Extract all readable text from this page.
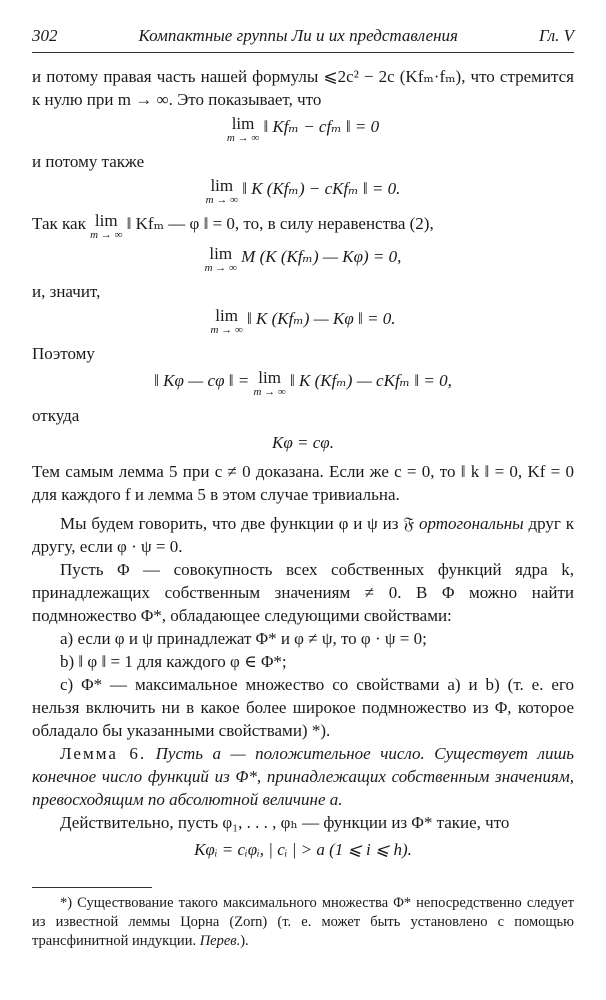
302	Компактные группы Ли и их представления	Гл. V

и потому правая часть нашей формулы ⩽2c² − 2c (Kfₘ·fₘ), что стремится к нулю при m → ∞. Это показывает, что

lim
m → ∞
‖ Kfₘ − cfₘ ‖ = 0

и потому также

lim
m → ∞
‖ K (Kfₘ) − cKfₘ ‖ = 0.

Так как lim
m → ∞
‖ Kfₘ — φ ‖ = 0, то, в силу неравенства (2),

lim
m → ∞
M (K (Kfₘ) — Kφ) = 0,

и, значит,

lim
m → ∞
‖ K (Kfₘ) — Kφ ‖ = 0.

Поэтому

‖ Kφ — cφ ‖ = lim
m → ∞
‖ K (Kfₘ) — cKfₘ ‖ = 0,

откуда

Kφ = cφ.

Тем самым лемма 5 при c ≠ 0 доказана. Если же c = 0, то ‖ k ‖ = 0, Kf = 0 для каждого f и лемма 5 в этом случае тривиальна.

Мы будем говорить, что две функции φ и ψ из 𝔉 ортогональны друг к другу, если φ · ψ = 0.

Пусть Φ — совокупность всех собственных функций ядра k, принадлежащих собственным значениям ≠ 0. В Φ можно найти подмножество Φ*, обладающее следующими свойствами:

a) если φ и ψ принадлежат Φ* и φ ≠ ψ, то φ · ψ = 0;

b) ‖ φ ‖ = 1 для каждого φ ∈ Φ*;

c) Φ* — максимальное множество со свойствами a) и b) (т. е. его нельзя включить ни в какое более широкое подмножество из Φ, которое обладало бы указанными свойствами) *).

Лемма 6. Пусть a — положительное число. Существует лишь конечное число функций из Φ*, принадлежащих собственным значениям, превосходящим по абсолютной величине a.

Действительно, пусть φ₁, . . . , φₕ — функции из Φ* такие, что

Kφᵢ = cᵢφᵢ, | cᵢ | > a (1 ⩽ i ⩽ h).

*) Существование такого максимального множества Φ* непосредственно следует из известной леммы Цорна (Zorn) (т. е. может быть установлено с помощью трансфинитной индукции. Перев.).
